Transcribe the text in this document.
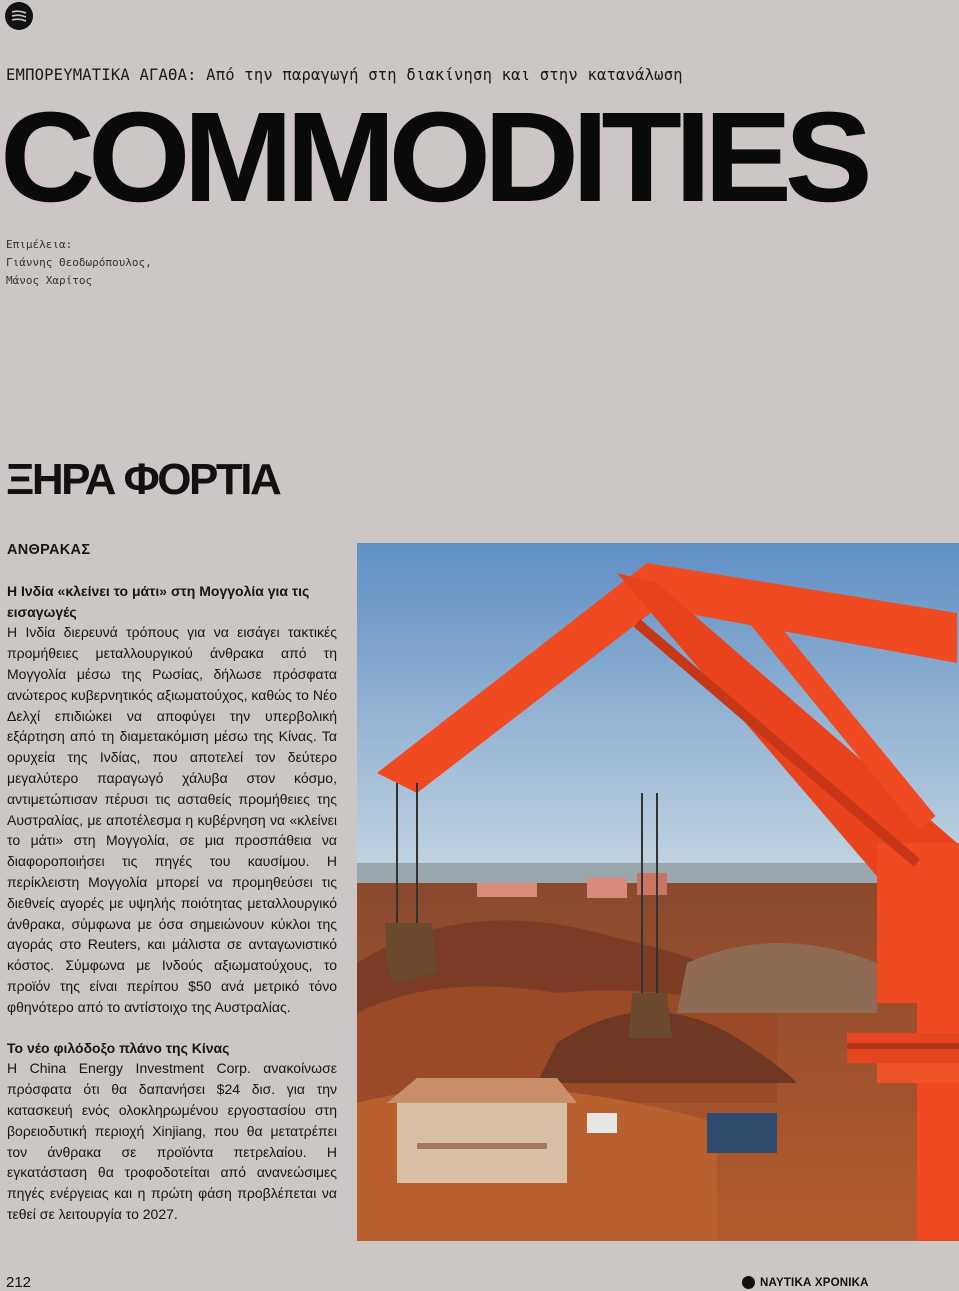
ΕΜΠΟΡΕΥΜΑΤΙΚΑ ΑΓΑΘΑ: Από την παραγωγή στη διακίνηση και στην κατανάλωση
COMMODITIES
Επιμέλεια:
Γιάννης Θεοδωρόπουλος,
Μάνος Χαρίτος
ΞΗΡΑ ΦΟΡΤΙΑ
ΑΝΘΡΑΚΑΣ
Η Ινδία «κλείνει το μάτι» στη Μογγολία για τις εισαγωγές
Η Ινδία διερευνά τρόπους για να εισάγει τακτικές προμήθειες μεταλλουργικού άνθρακα από τη Μογγολία μέσω της Ρωσίας, δήλωσε πρόσφατα ανώτερος κυβερνητικός αξιωματούχος, καθώς το Νέο Δελχί επιδιώκει να αποφύγει την υπερβολική εξάρτηση από τη διαμετακόμιση μέσω της Κίνας. Τα ορυχεία της Ινδίας, που αποτελεί τον δεύτερο μεγαλύτερο παραγωγό χάλυβα στον κόσμο, αντιμετώπισαν πέρυσι τις ασταθείς προμήθειες της Αυστραλίας, με αποτέλεσμα η κυβέρνηση να «κλείνει το μάτι» στη Μογγολία, σε μια προσπάθεια να διαφοροποιήσει τις πηγές του καυσίμου. Η περίκλειστη Μογγολία μπορεί να προμηθεύσει τις διεθνείς αγορές με υψηλής ποιότητας μεταλλουργικό άνθρακα, σύμφωνα με όσα σημειώνουν κύκλοι της αγοράς στο Reuters, και μάλιστα σε ανταγωνιστικό κόστος. Σύμφωνα με Ινδούς αξιωματούχους, το προϊόν της είναι περίπου $50 ανά μετρικό τόνο φθηνότερο από το αντίστοιχο της Αυστραλίας.
Το νέο φιλόδοξο πλάνο της Κίνας
Η China Energy Investment Corp. ανακοίνωσε πρόσφατα ότι θα δαπανήσει $24 δισ. για την κατασκευή ενός ολοκληρωμένου εργοστασίου στη βορειοδυτική περιοχή Xinjiang, που θα μετατρέπει τον άνθρακα σε προϊόντα πετρελαίου. Η εγκατάσταση θα τροφοδοτείται από ανανεώσιμες πηγές ενέργειας και η πρώτη φάση προβλέπεται να τεθεί σε λειτουργία το 2027.
212	ΝΑΥΤΙΚΑ ΧΡΟΝΙΚΑ
